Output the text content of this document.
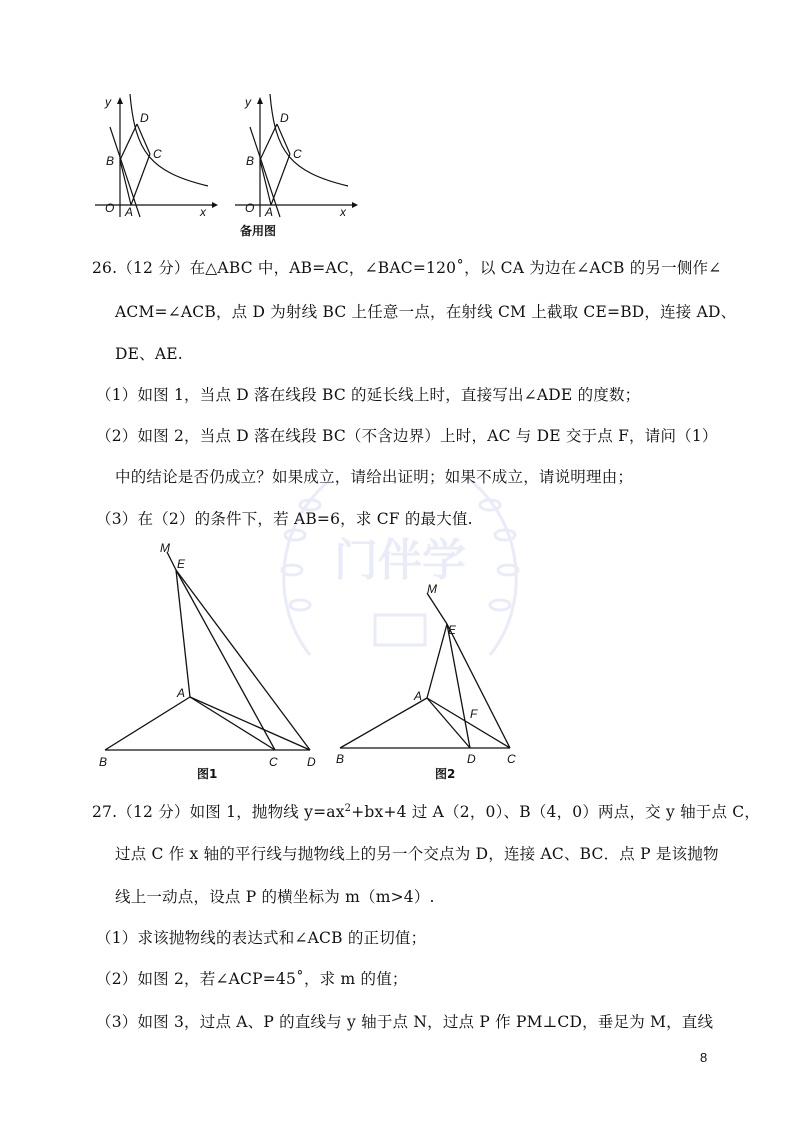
门伴学
y
D
C
B
O A	x
y
D
C
B
O A	x
备用图
26.（12 分）在△ABC 中，AB=AC，∠BAC=120˚，以 CA 为边在∠ACB 的另一侧作∠
ACM=∠ACB，点 D 为射线 BC 上任意一点，在射线 CM 上截取 CE=BD，连接 AD、
DE、AE.
（1）如图 1，当点 D 落在线段 BC 的延长线上时，直接写出∠ADE 的度数；
（2）如图 2，当点 D 落在线段 BC（不含边界）上时，AC 与 DE 交于点 F，请问（1）
中的结论是否仍成立？如果成立，请给出证明；如果不成立，请说明理由；
（3）在（2）的条件下，若 AB=6，求 CF 的最大值.
M
E
A
B	C D
图1
M
E
A
F
B	D	C
图2
27.（12 分）如图 1，抛物线 $y=ax^2+bx+4$ 过 A（2，0）、B（4，0）两点，交 y 轴于点 C，
过点 C 作 x 轴的平行线与抛物线上的另一个交点为 D，连接 AC、BC．点 P 是该抛物
线上一动点，设点 P 的横坐标为 m（m>4）.
（1）求该抛物线的表达式和∠ACB 的正切值；
（2）如图 2，若∠ACP=45˚，求 m 的值；
（3）如图 3，过点 A、P 的直线与 y 轴于点 N，过点 P 作 PM⊥CD，垂足为 M，直线
8
